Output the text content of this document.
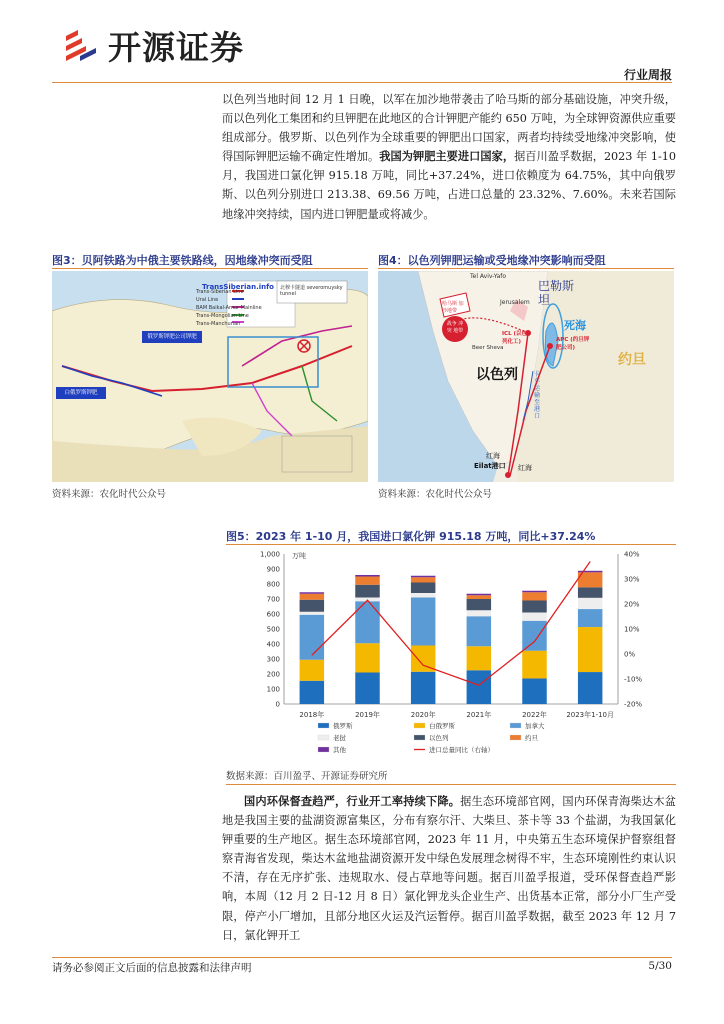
开源证券
行业周报
以色列当地时间 12 月 1 日晚，以军在加沙地带袭击了哈马斯的部分基础设施，冲突升级，而以色列化工集团和约旦钾肥在此地区的合计钾肥产能约 650 万吨，为全球钾资源供应重要组成部分。俄罗斯、以色列作为全球重要的钾肥出口国家，两者均持续受地缘冲突影响，使得国际钾肥运输不确定性增加。我国为钾肥主要进口国家，据百川盈孚数据，2023 年 1-10 月，我国进口氯化钾 915.18 万吨，同比+37.24%，进口依赖度为 64.75%，其中向俄罗斯、以色列分别进口 213.38、69.56 万吨，占进口总量的 23.32%、7.60%。未来若国际地缘冲突持续，国内进口钾肥量或将减少。
图3：贝阿铁路为中俄主要铁路线，因地缘冲突而受阻
TransSiberian.info
Trans-Siberian Line
Ural Line
BAM Baikal-Amur Mainline
Trans-Mongolian Line
Trans-Manchurian
俄罗斯钾肥公司钾肥
白俄罗斯钾肥
北穆卡隧道 severomuysky tunnel
资料来源：农化时代公众号
图4：以色列钾肥运输或受地缘冲突影响而受阻
巴勒斯坦
死海
以色列
约旦
ICL (以色列化工)	APC (约旦钾肥公司)
哈马斯 加沙地带
战争 冲突 地带
Tel Aviv-Yafo
Jerusalem
Beer Sheva
卡车运输至港口
红海
Eilat港口 红海
资料来源：农化时代公众号
图5：2023 年 1-10 月，我国进口氯化钾 915.18 万吨，同比+37.24%
万吨
0
100
200
300
400
500
600
700
800
900
1,000
-20%
-10%
0%
10%
20%
30%
40%
2018年	2019年	2020年	2021年	2022年	2023年1-10月
俄罗斯	白俄罗斯	加拿大
老挝	以色列	约旦
其他	进口总量同比（右轴）
数据来源：百川盈孚、开源证券研究所
国内环保督查趋严，行业开工率持续下降。据生态环境部官网，国内环保青海柴达木盆地是我国主要的盐湖资源富集区，分布有察尔汗、大柴旦、茶卡等 33 个盐湖，为我国氯化钾重要的生产地区。据生态环境部官网，2023 年 11 月，中央第五生态环境保护督察组督察青海省发现，柴达木盆地盐湖资源开发中绿色发展理念树得不牢，生态环境刚性约束认识不清，存在无序扩张、违规取水、侵占草地等问题。据百川盈孚报道，受环保督查趋严影响，本周（12 月 2 日-12 月 8 日）氯化钾龙头企业生产、出货基本正常，部分小厂生产受限，停产小厂增加，且部分地区火运及汽运暂停。据百川盈孚数据，截至 2023 年 12 月 7 日，氯化钾开工
请务必参阅正文后面的信息披露和法律声明	5/30
